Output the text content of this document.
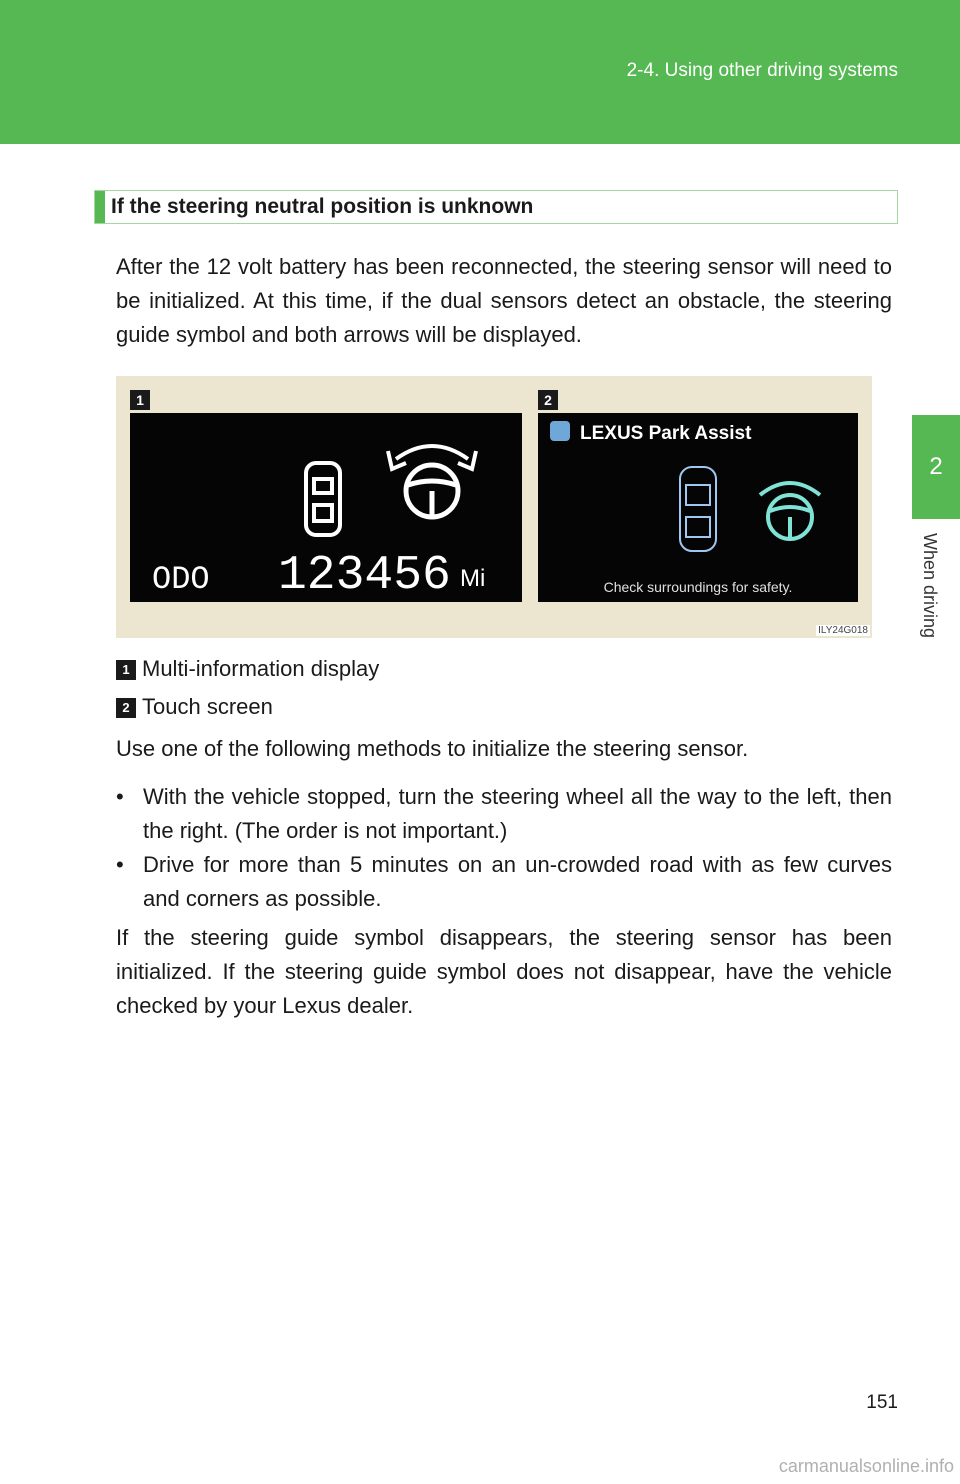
2-4. Using other driving systems
2
When driving
If the steering neutral position is unknown
After the 12 volt battery has been reconnected, the steering sensor will need to be initialized. At this time, if the dual sensors detect an obstacle, the steering guide symbol and both arrows will be displayed.
1	2
ODO 123456 Mi
LEXUS Park Assist
Check surroundings for safety.
ILY24G018
1 Multi-information display
2 Touch screen
Use one of the following methods to initialize the steering sensor.
• With the vehicle stopped, turn the steering wheel all the way to the left, then the right. (The order is not important.)
• Drive for more than 5 minutes on an un-crowded road with as few curves and corners as possible.
If the steering guide symbol disappears, the steering sensor has been initialized. If the steering guide symbol does not disappear, have the vehicle checked by your Lexus dealer.
151
carmanualsonline.info
